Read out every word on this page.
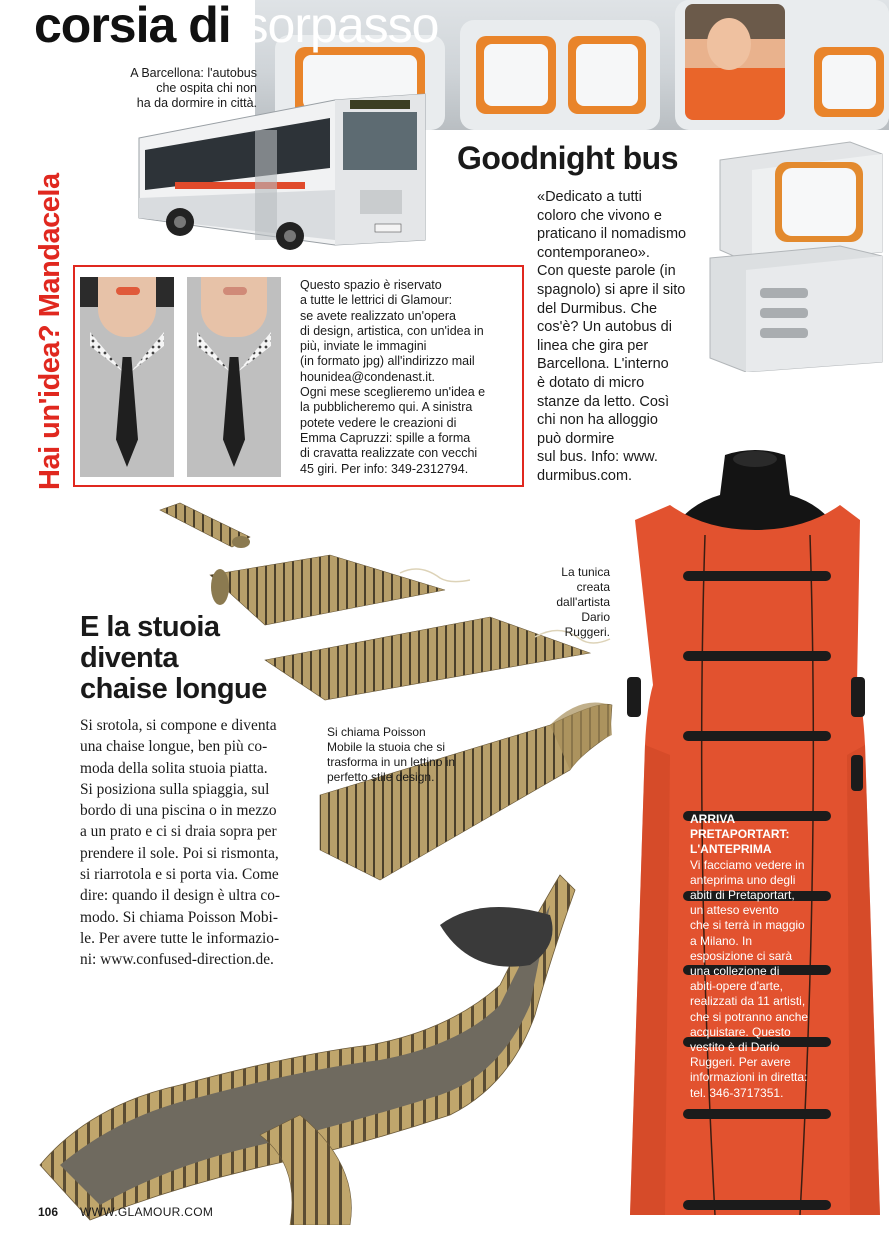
corsia di sorpasso
A Barcellona: l'autobus
che ospita chi non
ha da dormire in città.
Goodnight bus
«Dedicato a tutti
coloro che vivono e
praticano il nomadismo
contemporaneo».
Con queste parole (in
spagnolo) si apre il sito
del Durmibus. Che
cos'è? Un autobus di
linea che gira per
Barcellona. L'interno
è dotato di micro
stanze da letto. Così
chi non ha alloggio
può dormire
sul bus. Info: www.
durmibus.com.
Hai un'idea? Mandacela	Questo spazio è riservato
a tutte le lettrici di Glamour:
se avete realizzato un'opera
di design, artistica, con un'idea in
più, inviate le immagini
(in formato jpg) all'indirizzo mail
hounidea@condenast.it.
Ogni mese sceglieremo un'idea e
la pubblicheremo qui. A sinistra
potete vedere le creazioni di
Emma Capruzzi: spille a forma
di cravatta realizzate con vecchi
45 giri. Per info: 349-2312794.
E la stuoia
diventa
chaise longue
Si srotola, si compone e diventa
una chaise longue, ben più co-
moda della solita stuoia piatta.
Si posiziona sulla spiaggia, sul
bordo di una piscina o in mezzo
a un prato e ci si draia sopra per
prendere il sole. Poi si rismonta,
si riarrotola e si porta via. Come
dire: quando il design è ultra co-
modo. Si chiama Poisson Mobi-
le. Per avere tutte le informazio-
ni: www.confused-direction.de.
Si chiama Poisson
Mobile la stuoia che si
trasforma in un lettino in
perfetto stile design.
La tunica
creata
dall'artista
Dario
Ruggeri.
ARRIVA
PRETAPORTART:
L'ANTEPRIMA
Vi facciamo vedere in
anteprima uno degli
abiti di Pretaportart,
un atteso evento
che si terrà in maggio
a Milano. In
esposizione ci sarà
una collezione di
abiti-opere d'arte,
realizzati da 11 artisti,
che si potranno anche
acquistare. Questo
vestito è di Dario
Ruggeri. Per avere
informazioni in diretta:
tel. 346-3717351.
106 WWW.GLAMOUR.COM
